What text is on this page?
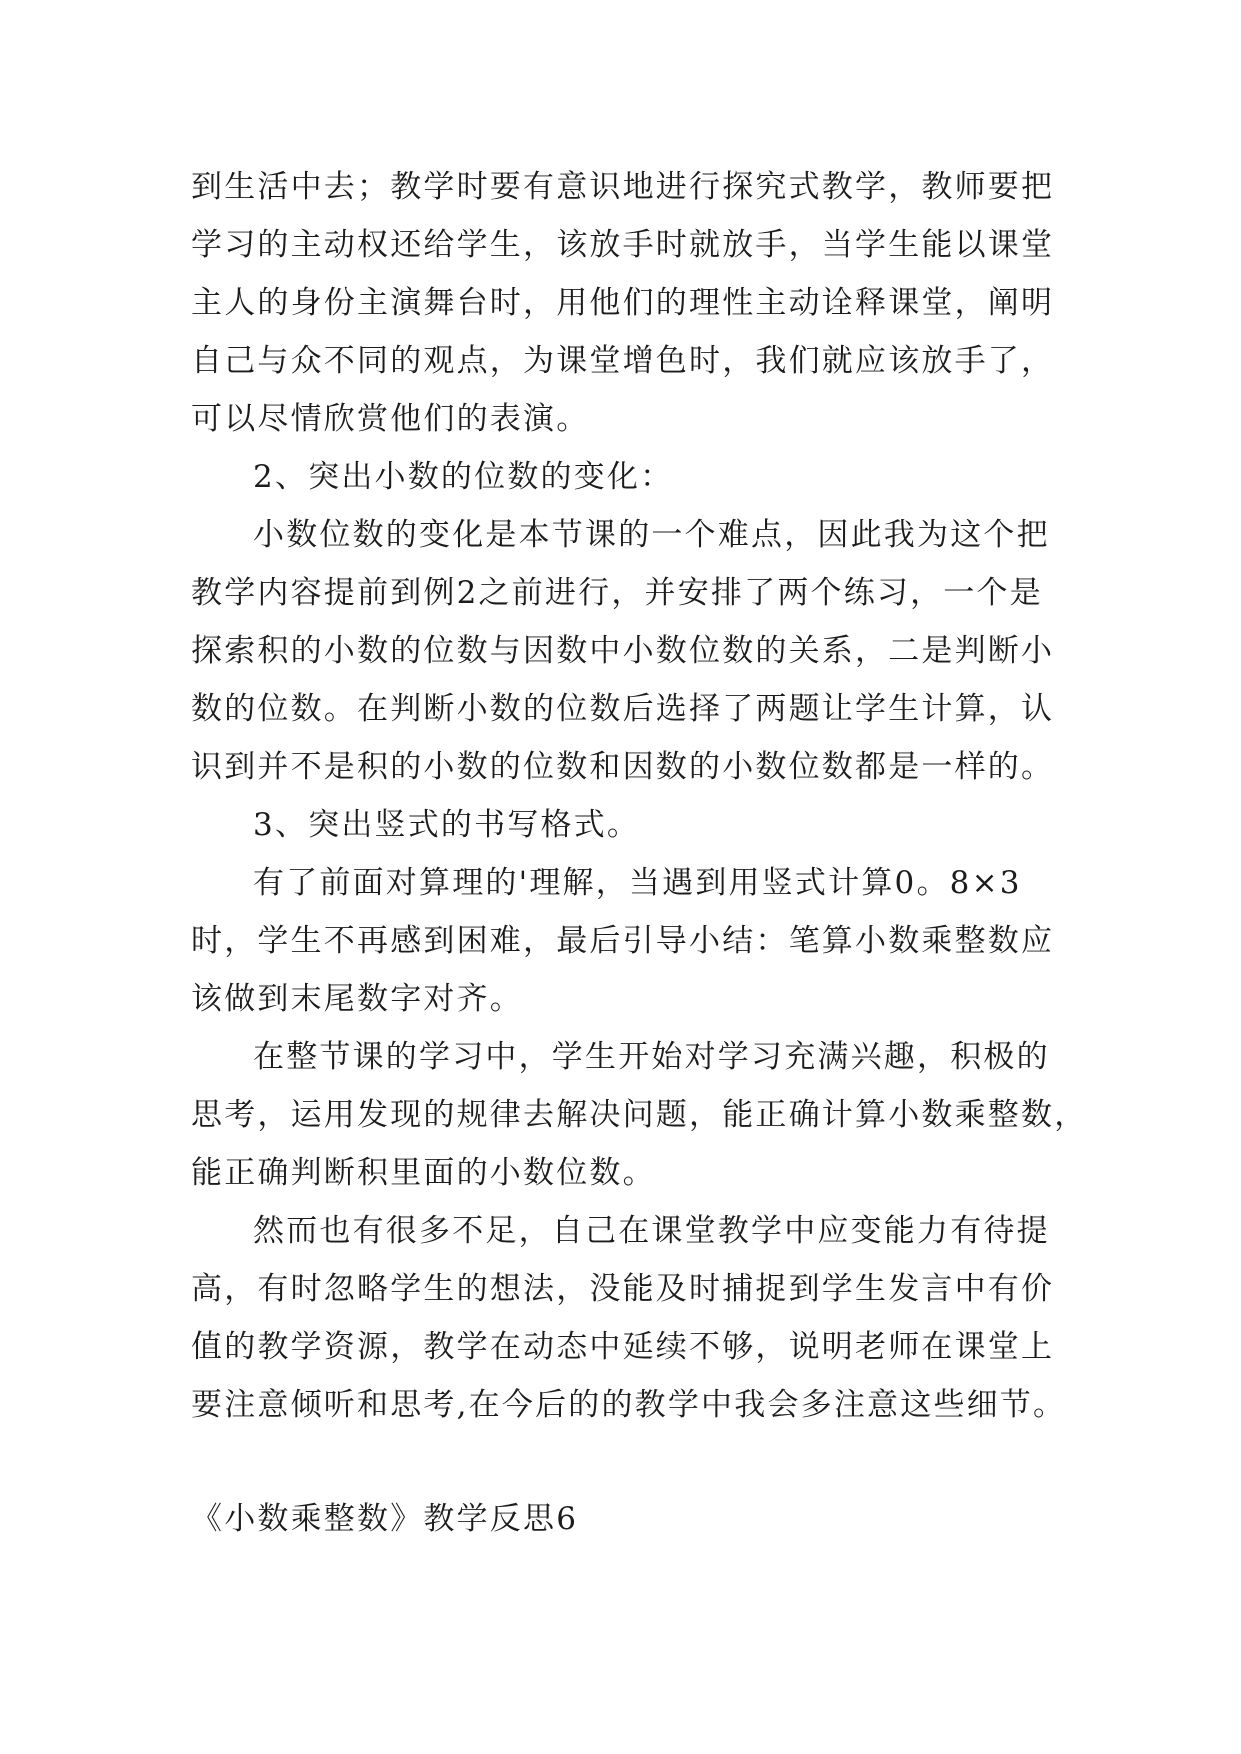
到生活中去；教学时要有意识地进行探究式教学，教师要把
学习的主动权还给学生，该放手时就放手，当学生能以课堂
主人的身份主演舞台时，用他们的理性主动诠释课堂，阐明
自己与众不同的观点，为课堂增色时，我们就应该放手了，
可以尽情欣赏他们的表演。
2、突出小数的位数的变化：
小数位数的变化是本节课的一个难点，因此我为这个把
教学内容提前到例2之前进行，并安排了两个练习，一个是
探索积的小数的位数与因数中小数位数的关系，二是判断小
数的位数。在判断小数的位数后选择了两题让学生计算，认
识到并不是积的小数的位数和因数的小数位数都是一样的。
3、突出竖式的书写格式。
有了前面对算理的'理解，当遇到用竖式计算0。8×3
时，学生不再感到困难，最后引导小结：笔算小数乘整数应
该做到末尾数字对齐。
在整节课的学习中，学生开始对学习充满兴趣，积极的
思考，运用发现的规律去解决问题，能正确计算小数乘整数，
能正确判断积里面的小数位数。
然而也有很多不足，自己在课堂教学中应变能力有待提
高，有时忽略学生的想法，没能及时捕捉到学生发言中有价
值的教学资源，教学在动态中延续不够，说明老师在课堂上
要注意倾听和思考,在今后的的教学中我会多注意这些细节。
《小数乘整数》教学反思6
